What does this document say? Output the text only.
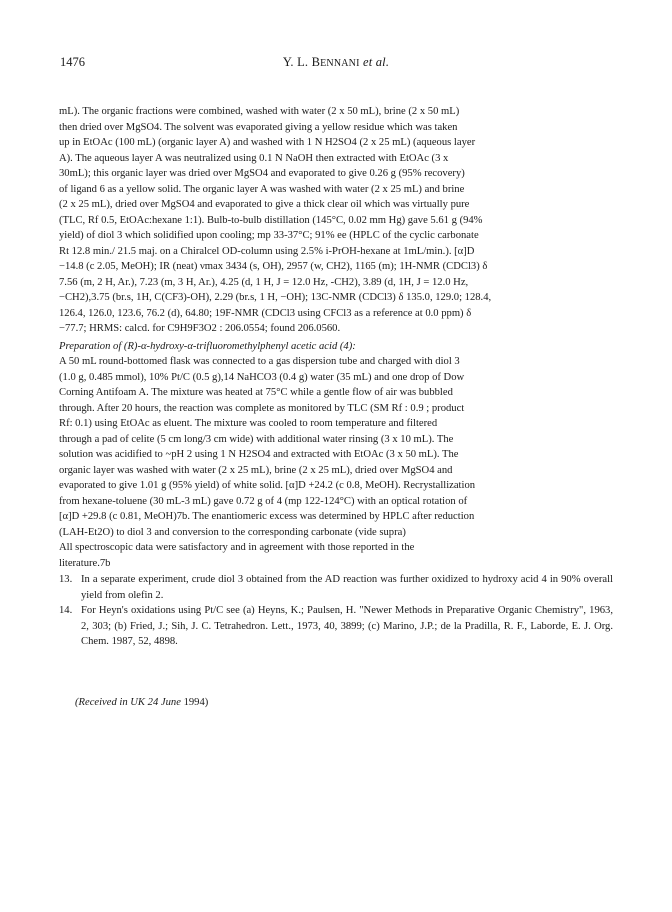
1476	Y. L. BENNANI et al.
mL). The organic fractions were combined, washed with water (2 x 50 mL), brine (2 x 50 mL)
then dried over MgSO4. The solvent was evaporated giving a yellow residue which was taken
up in EtOAc (100 mL) (organic layer A) and washed with 1 N H2SO4 (2 x 25 mL) (aqueous layer
A). The aqueous layer A was neutralized using 0.1 N NaOH then extracted with EtOAc (3 x
30mL); this organic layer was dried over MgSO4 and evaporated to give 0.26 g (95% recovery)
of ligand 6 as a yellow solid. The organic layer A was washed with water (2 x 25 mL) and brine
(2 x 25 mL), dried over MgSO4 and evaporated to give a thick clear oil which was virtually pure
(TLC, Rf 0.5, EtOAc:hexane 1:1). Bulb-to-bulb distillation (145°C, 0.02 mm Hg) gave 5.61 g (94%
yield) of diol 3 which solidified upon cooling; mp 33-37°C; 91% ee (HPLC of the cyclic carbonate
Rt 12.8 min./ 21.5 maj. on a Chiralcel OD-column using 2.5% i-PrOH-hexane at 1mL/min.). [α]D
−14.8 (c 2.05, MeOH); IR (neat) νmax 3434 (s, OH), 2957 (w, CH2), 1165 (m); 1H-NMR (CDCl3) δ
7.56 (m, 2 H, Ar.), 7.23 (m, 3 H, Ar.), 4.25 (d, 1 H, J = 12.0 Hz, -CH2), 3.89 (d, 1H, J = 12.0 Hz,
−CH2),3.75 (br.s, 1H, C(CF3)-OH), 2.29 (br.s, 1 H, −OH); 13C-NMR (CDCl3) δ 135.0, 129.0; 128.4,
126.4, 126.0, 123.6, 76.2 (d), 64.80; 19F-NMR (CDCl3 using CFCl3 as a reference at 0.0 ppm) δ
−77.7; HRMS: calcd. for C9H9F3O2 : 206.0554; found 206.0560.
Preparation of (R)-α-hydroxy-α-trifluoromethylphenyl acetic acid (4):
A 50 mL round-bottomed flask was connected to a gas dispersion tube and charged with diol 3
(1.0 g, 0.485 mmol), 10% Pt/C (0.5 g),14 NaHCO3 (0.4 g) water (35 mL) and one drop of Dow
Corning Antifoam A. The mixture was heated at 75°C while a gentle flow of air was bubbled
through. After 20 hours, the reaction was complete as monitored by TLC (SM Rf : 0.9 ; product
Rf: 0.1) using EtOAc as eluent. The mixture was cooled to room temperature and filtered
through a pad of celite (5 cm long/3 cm wide) with additional water rinsing (3 x 10 mL). The
solution was acidified to ~pH 2 using 1 N H2SO4 and extracted with EtOAc (3 x 50 mL). The
organic layer was washed with water (2 x 25 mL), brine (2 x 25 mL), dried over MgSO4 and
evaporated to give 1.01 g (95% yield) of white solid. [α]D +24.2 (c 0.8, MeOH). Recrystallization
from hexane-toluene (30 mL-3 mL) gave 0.72 g of 4 (mp 122-124°C) with an optical rotation of
[α]D +29.8 (c 0.81, MeOH)7b. The enantiomeric excess was determined by HPLC after reduction
(LAH-Et2O) to diol 3 and conversion to the corresponding carbonate (vide supra)
All spectroscopic data were satisfactory and in agreement with those reported in the
literature.7b
13. In a separate experiment, crude diol 3 obtained from the AD reaction was further oxidized to hydroxy acid 4 in 90% overall yield from olefin 2.
14. For Heyn's oxidations using Pt/C see (a) Heyns, K.; Paulsen, H. "Newer Methods in Preparative Organic Chemistry", 1963, 2, 303; (b) Fried, J.; Sih, J. C. Tetrahedron. Lett., 1973, 40, 3899; (c) Marino, J.P.; de la Pradilla, R. F., Laborde, E. J. Org. Chem. 1987, 52, 4898.
(Received in UK 24 June 1994)
